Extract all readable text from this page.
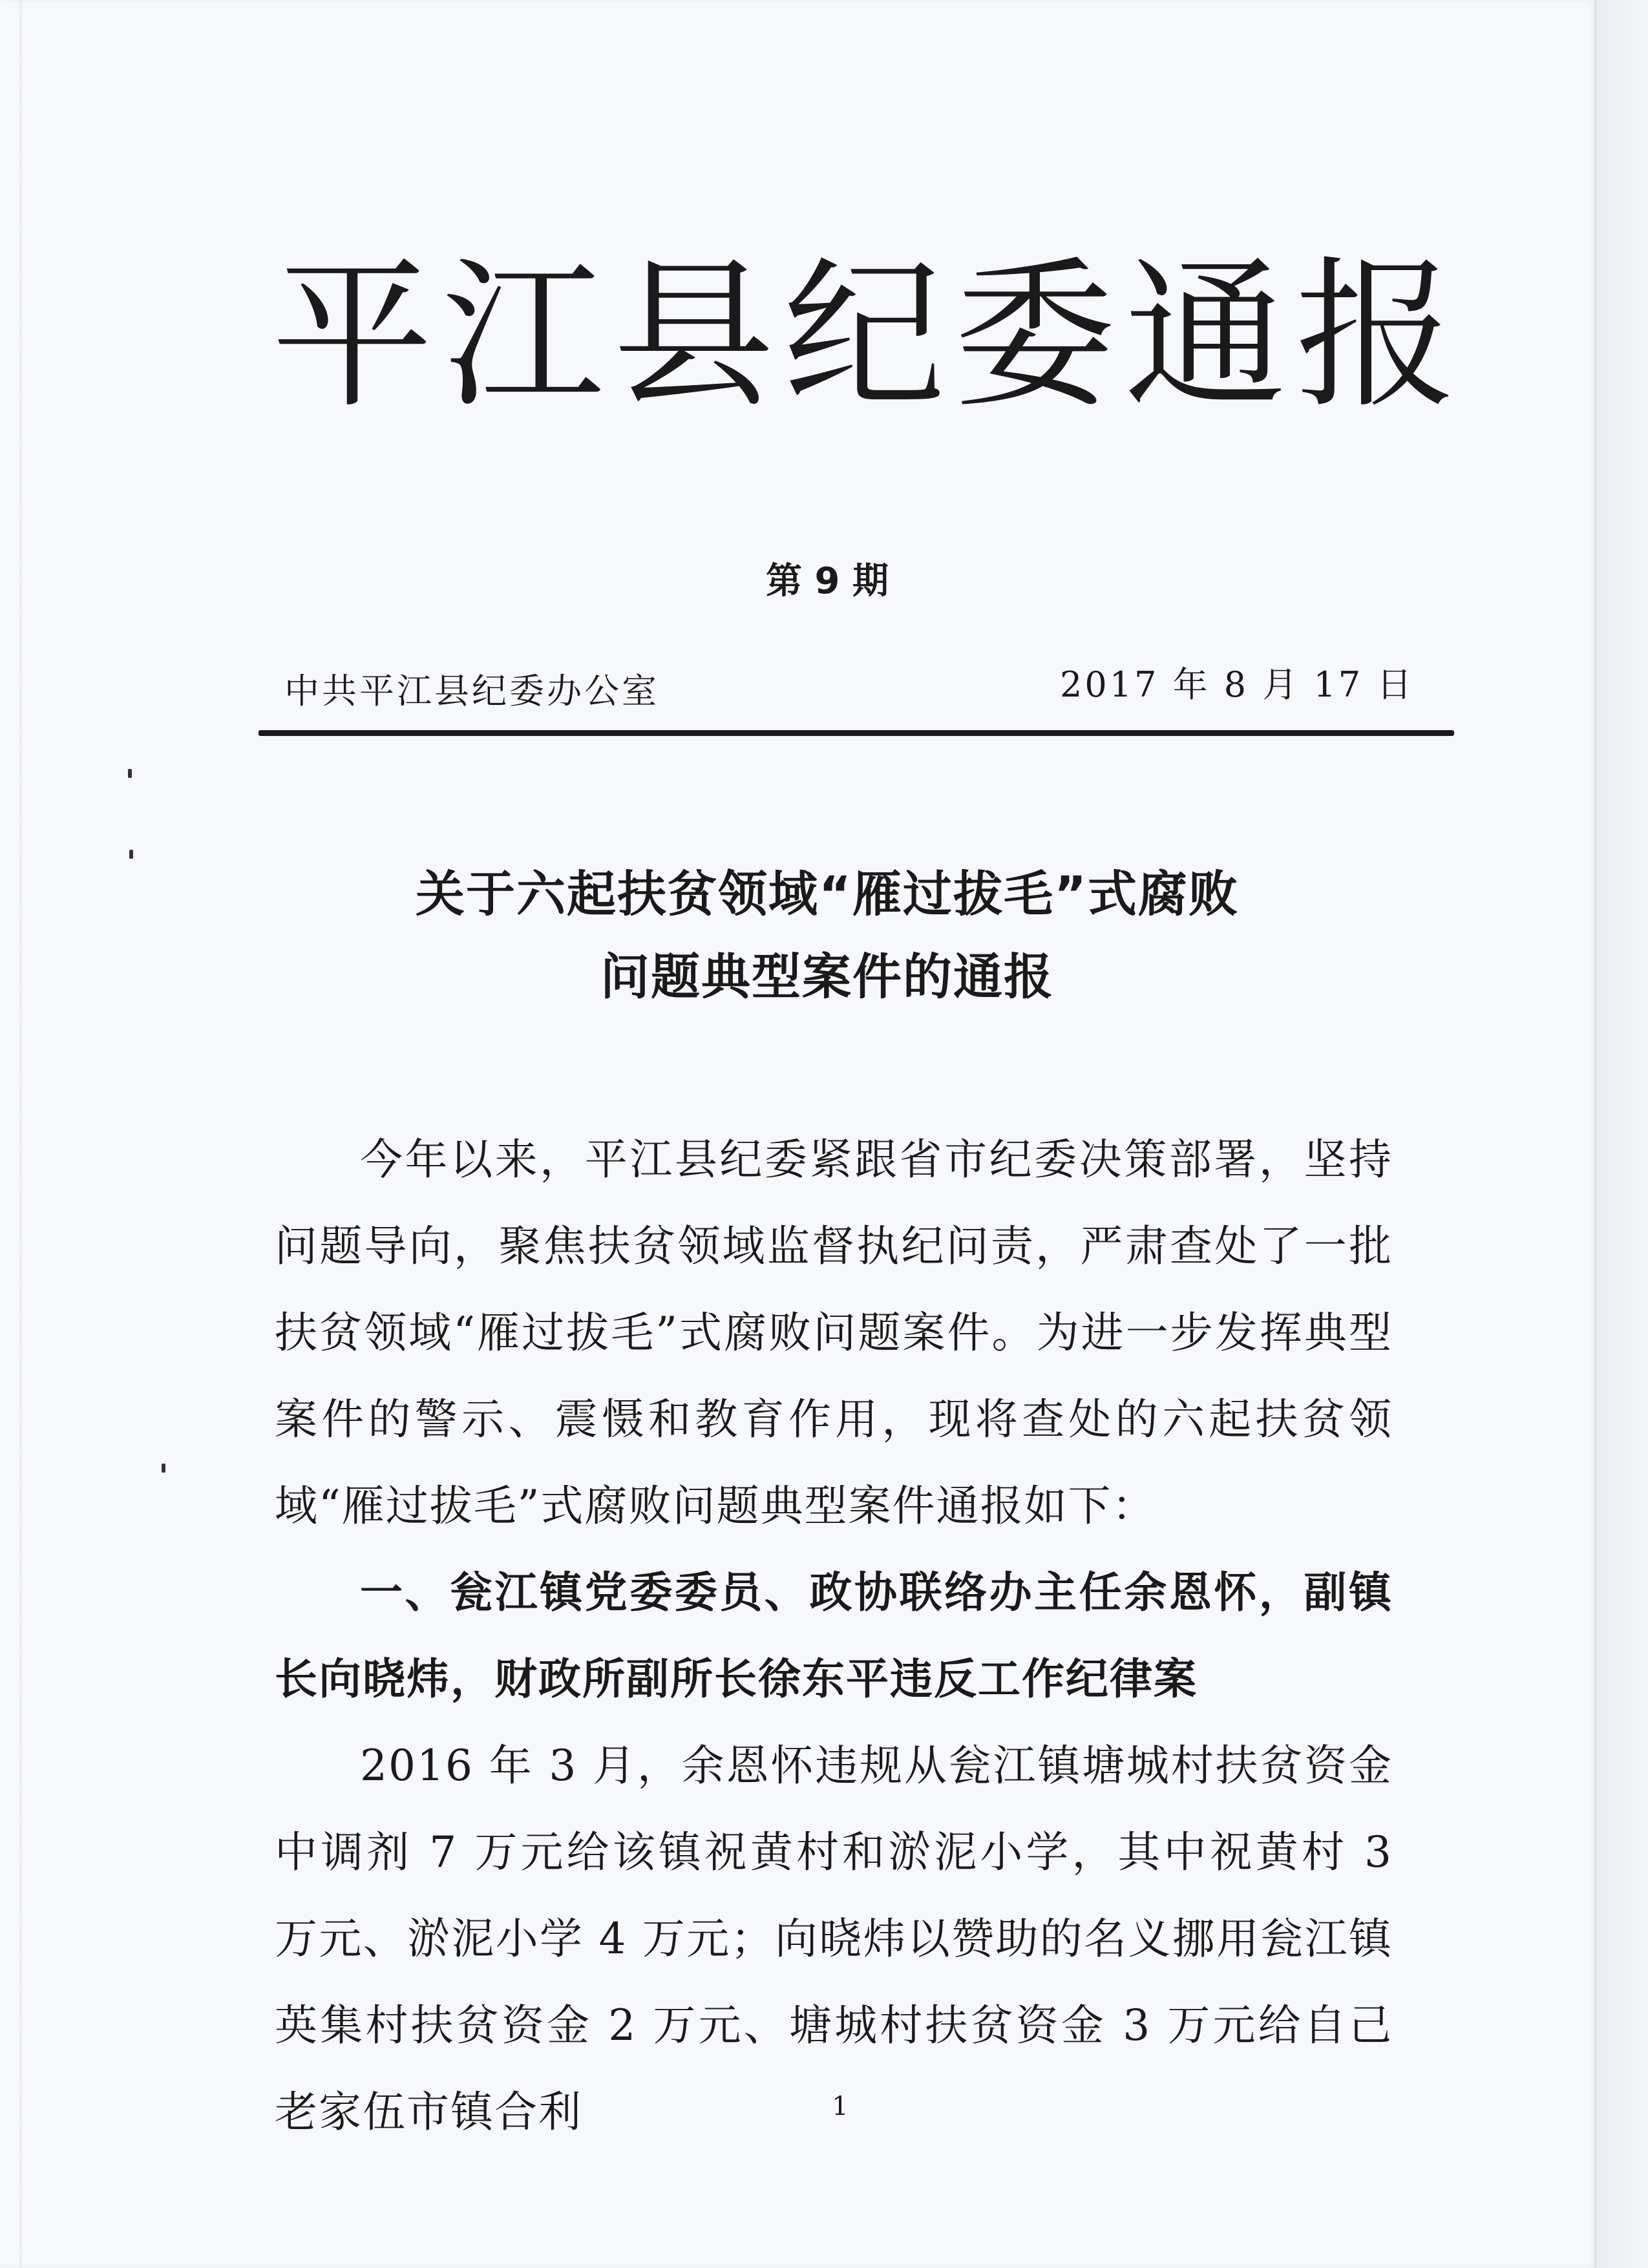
平江县纪委通报
第 9 期
中共平江县纪委办公室	2017 年 8 月 17 日
关于六起扶贫领域“雁过拔毛”式腐败
问题典型案件的通报

今年以来，平江县纪委紧跟省市纪委决策部署，坚持问题导向，聚焦扶贫领域监督执纪问责，严肃查处了一批扶贫领域“雁过拔毛”式腐败问题案件。为进一步发挥典型案件的警示、震慑和教育作用，现将查处的六起扶贫领域“雁过拔毛”式腐败问题典型案件通报如下：

一、瓮江镇党委委员、政协联络办主任余恩怀，副镇长向晓炜，财政所副所长徐东平违反工作纪律案

2016 年 3 月，余恩怀违规从瓮江镇塘城村扶贫资金中调剂 7 万元给该镇祝黄村和淤泥小学，其中祝黄村 3 万元、淤泥小学 4 万元；向晓炜以赞助的名义挪用瓮江镇英集村扶贫资金 2 万元、塘城村扶贫资金 3 万元给自己老家伍市镇合利	1
